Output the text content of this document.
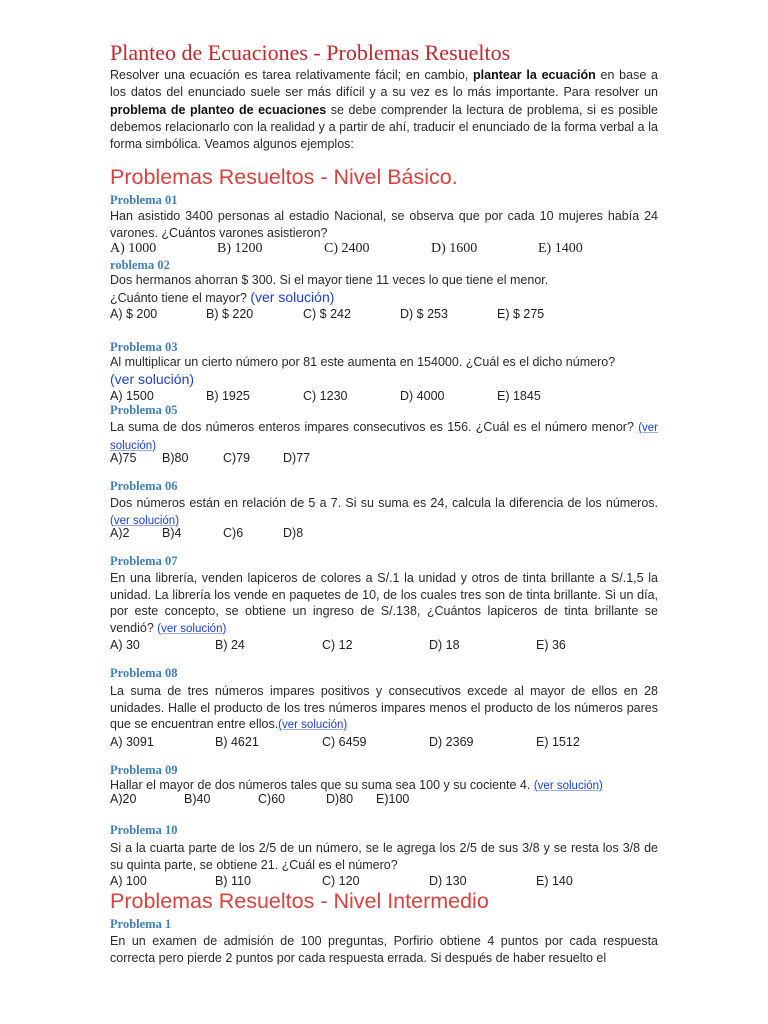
Planteo de Ecuaciones - Problemas Resueltos

Resolver una ecuación es tarea relativamente fácil; en cambio, plantear la ecuación en base a los datos del enunciado suele ser más difícil y a su vez es lo más importante. Para resolver un problema de planteo de ecuaciones se debe comprender la lectura de problema, si es posible debemos relacionarlo con la realidad y a partir de ahí, traducir el enunciado de la forma verbal a la forma simbólica. Veamos algunos ejemplos:

Problemas Resueltos - Nivel Básico.
Problema 01

Han asistido 3400 personas al estadio Nacional, se observa que por cada 10 mujeres había 24 varones. ¿Cuántos varones asistieron?

A) 1000	B) 1200	C) 2400	D) 1600	E) 1400
roblema 02

Dos hermanos ahorran $ 300. Si el mayor tiene 11 veces lo que tiene el menor.
¿Cuánto tiene el mayor? (ver solución)

A) $ 200	B) $ 220	C) $ 242	D) $ 253	E) $ 275
Problema 03

Al multiplicar un cierto número por 81 este aumenta en 154000. ¿Cuál es el dicho número?
(ver solución)

A) 1500	B) 1925	C) 1230	D) 4000	E) 1845
Problema 05

La suma de dos números enteros impares consecutivos es 156. ¿Cuál es el número menor? (ver solución)

A)75 B)80	C)79	D)77
Problema 06

Dos números están en relación de 5 a 7. Si su suma es 24, calcula la diferencia de los números.(ver solución)

A)2	B)4	C)6	D)8
Problema 07

En una librería, venden lapiceros de colores a S/.1 la unidad y otros de tinta brillante a S/.1,5 la unidad. La librería los vende en paquetes de 10, de los cuales tres son de tinta brillante. Si un día, por este concepto, se obtiene un ingreso de S/.138, ¿Cuántos lapiceros de tinta brillante se vendió? (ver solución)

A) 30	B) 24	C) 12	D) 18	E) 36
Problema 08

La suma de tres números impares positivos y consecutivos excede al mayor de ellos en 28 unidades. Halle el producto de los tres números impares menos el producto de los números pares que se encuentran entre ellos.(ver solución)

A) 3091	B) 4621	C) 6459	D) 2369	E) 1512
Problema 09

Hallar el mayor de dos números tales que su suma sea 100 y su cociente 4. (ver solución)

A)20	B)40	C)60	D)80 E)100
Problema 10

Si a la cuarta parte de los 2/5 de un número, se le agrega los 2/5 de sus 3/8 y se resta los 3/8 de su quinta parte, se obtiene 21. ¿Cuál es el número?

A) 100	B) 110	C) 120	D) 130	E) 140
Problemas Resueltos - Nivel Intermedio
Problema 1

En un examen de admisión de 100 preguntas, Porfirio obtiene 4 puntos por cada respuesta correcta pero pierde 2 puntos por cada respuesta errada. Si después de haber resuelto el
